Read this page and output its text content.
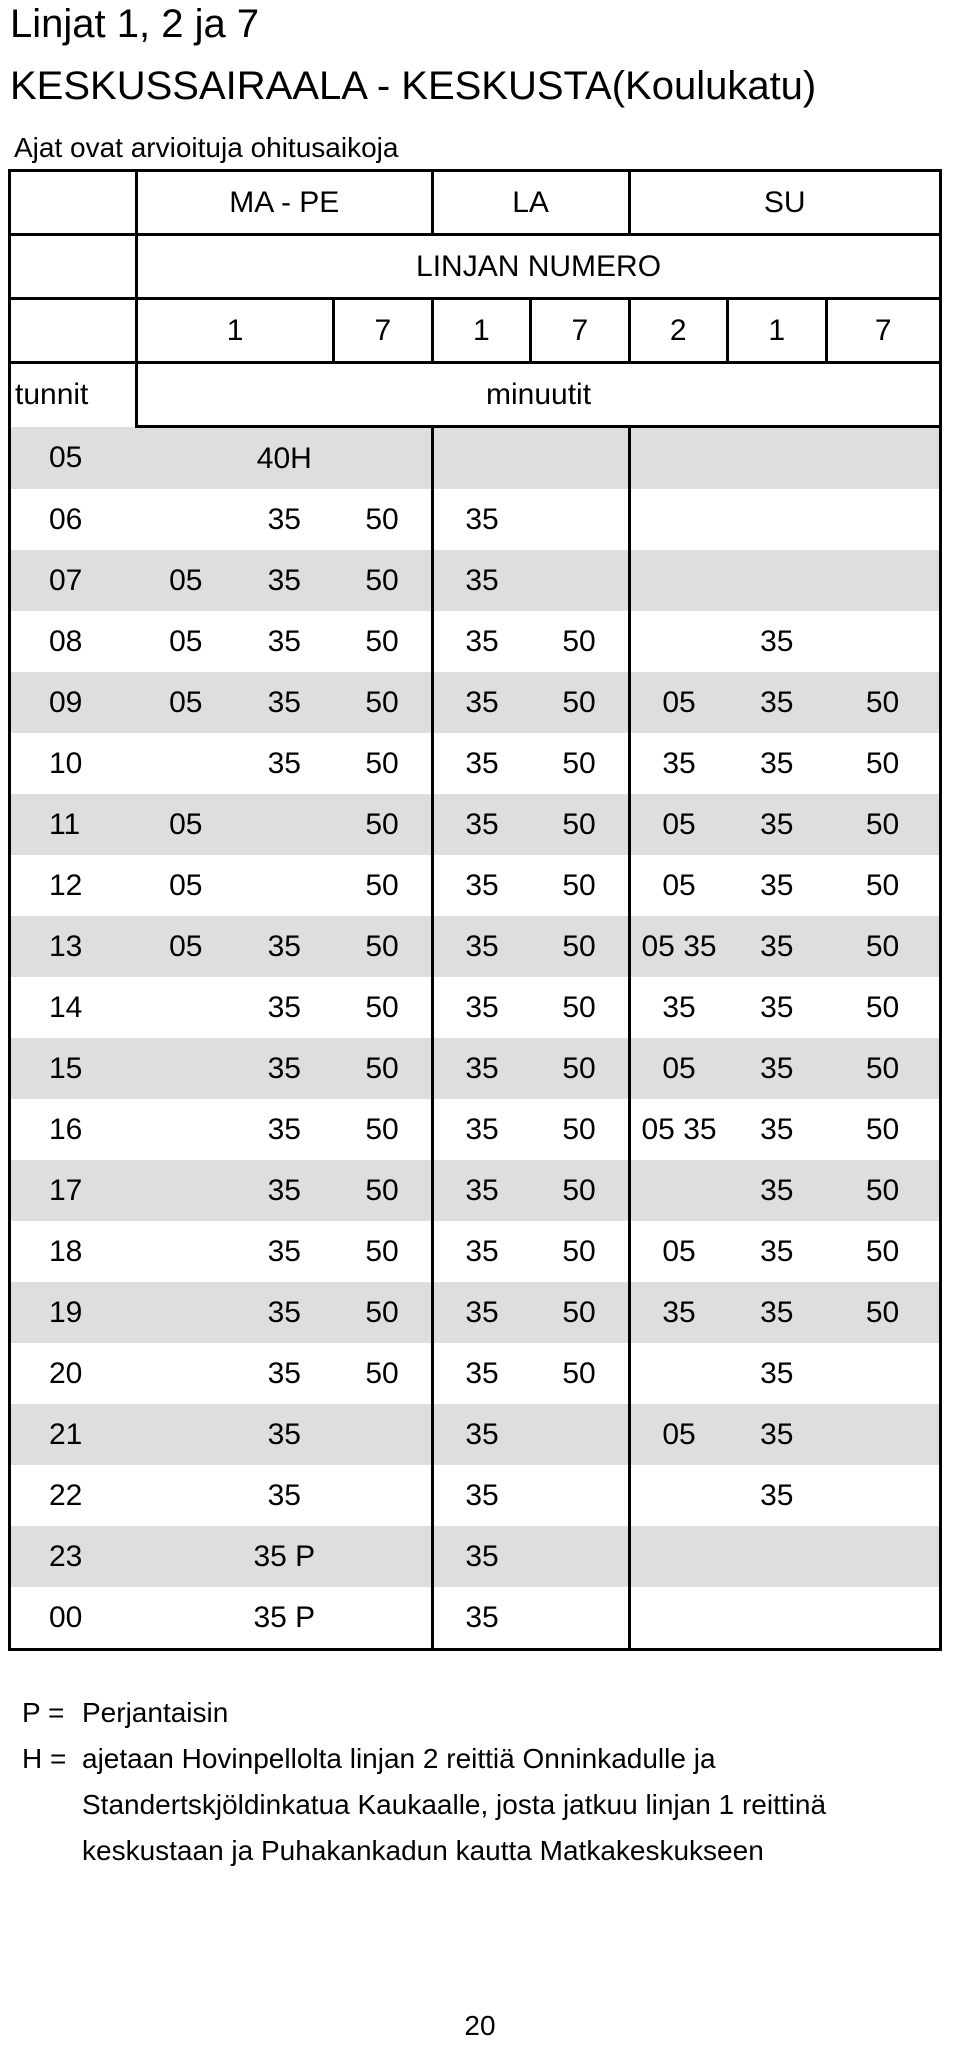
Linjat 1, 2 ja 7
KESKUSSAIRAALA - KESKUSTA(Koulukatu)
Ajat ovat arvioituja ohitusaikoja
	MA - PE			LA		SU		
	LINJAN NUMERO							
	1		7	1	7	2	1	7
tunnit	minuutit							
05		40H						
06		35	50	35				
07	05	35	50	35				
08	05	35	50	35	50		35	
09	05	35	50	35	50	05	35	50
10		35	50	35	50	35	35	50
11	05		50	35	50	05	35	50
12	05		50	35	50	05	35	50
13	05	35	50	35	50	05 35	35	50
14		35	50	35	50	35	35	50
15		35	50	35	50	05	35	50
16		35	50	35	50	05 35	35	50
17		35	50	35	50		35	50
18		35	50	35	50	05	35	50
19		35	50	35	50	35	35	50
20		35	50	35	50		35	
21		35		35		05	35	
22		35		35			35	
23		35 P		35				
00		35 P		35				
P = Perjantaisin
H = ajetaan Hovinpellolta linjan 2 reittiä Onninkadulle ja
Standertskjöldinkatua Kaukaalle, josta jatkuu linjan 1 reittinä
keskustaan ja Puhakankadun kautta Matkakeskukseen
20
